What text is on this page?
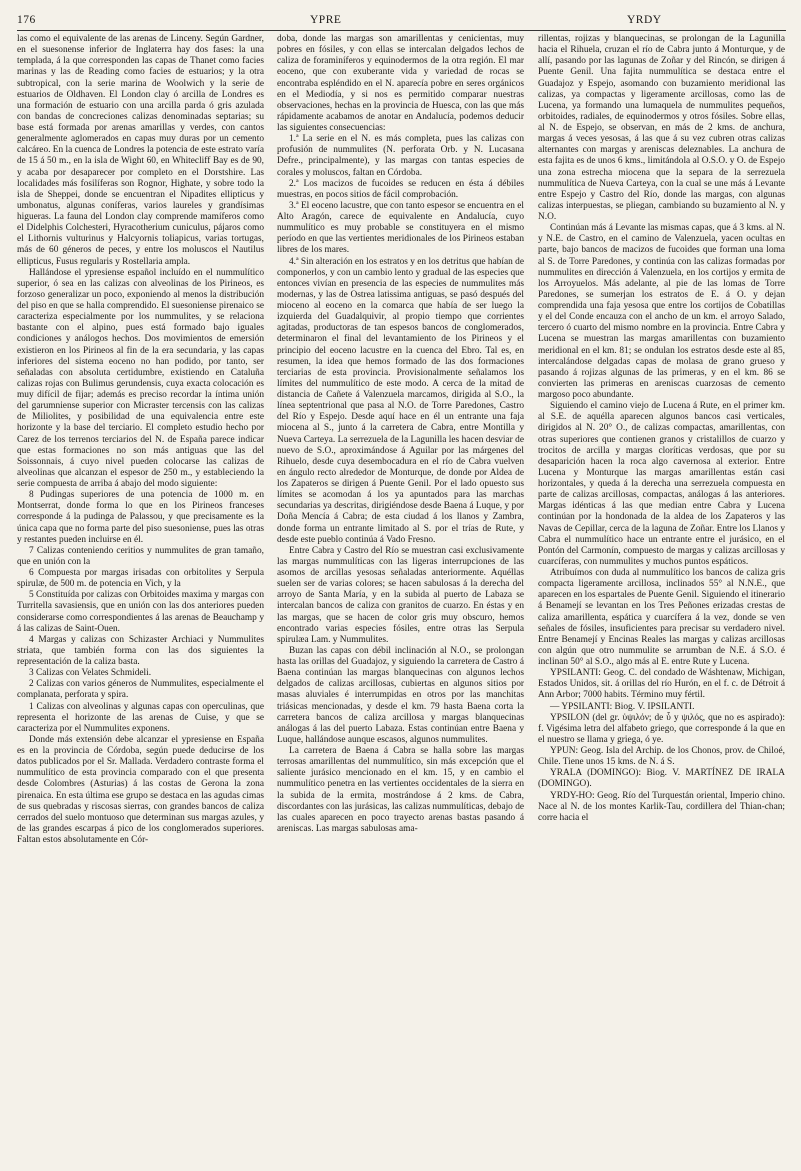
176	YPRE	YRDY

las como el equivalente de las arenas de Linceny. Según Gardner, en el suesonense inferior de Inglaterra hay dos fases: la una templada, á la que corresponden las capas de Thanet como facies marinas y las de Reading como facies de estuarios; y la otra subtropical, con la serie marina de Woolwich y la serie de estuarios de Oldhaven. El London clay ó arcilla de Londres es una formación de estuario con una arcilla parda ó gris azulada con bandas de concreciones calizas denominadas septarias; su base está formada por arenas amarillas y verdes, con cantos generalmente aglomerados en capas muy duras por un cemento calcáreo. En la cuenca de Londres la potencia de este estrato varía de 15 á 50 m., en la isla de Wight 60, en Whitecliff Bay es de 90, y acaba por desaparecer por completo en el Dorstshire. Las localidades más fosilíferas son Rognor, Highate, y sobre todo la isla de Sheppei, donde se encuentran el Nipadites ellipticus y umbonatus, algunas coníferas, varios laureles y grandísimas higueras. La fauna del London clay comprende mamíferos como el Didelphis Colchesteri, Hyracotherium cuniculus, pájaros como el Lithornis vulturinus y Halcyornis toliapicus, varias tortugas, más de 60 géneros de peces, y entre los moluscos el Nautilus ellipticus, Fusus regularis y Rostellaria ampla.

Hallándose el ypresiense español incluído en el nummulítico superior, ó sea en las calizas con alveolinas de los Pirineos, es forzoso generalizar un poco, exponiendo al menos la distribución del piso en que se halla comprendido. El suesoniense pirenaico se caracteriza especialmente por los nummulites, y se relaciona bastante con el alpino, pues está formado bajo iguales condiciones y análogos hechos. Dos movimientos de emersión existieron en los Pirineos al fin de la era secundaria, y las capas inferiores del sistema eoceno no han podido, por tanto, ser señaladas con absoluta certidumbre, existiendo en Cataluña calizas rojas con Bulimus gerundensis, cuya exacta colocación es muy difícil de fijar; además es preciso recordar la íntima unión del garumniense superior con Micraster tercensis con las calizas de Miliolites, y posibilidad de una equivalencia entre este horizonte y la base del terciario. El completo estudio hecho por Carez de los terrenos terciarios del N. de España parece indicar que estas formaciones no son más antiguas que las del Soissonnais, á cuyo nivel pueden colocarse las calizas de alveolinas que alcanzan el espesor de 250 m., y estableciendo la serie compuesta de arriba á abajo del modo siguiente:

8 Pudingas superiores de una potencia de 1000 m. en Montserrat, donde forma lo que en los Pirineos franceses corresponde á la pudinga de Palassou, y que precisamente es la única capa que no forma parte del piso suesoniense, pues las otras y restantes pueden incluirse en él.

7 Calizas conteniendo ceritios y nummulites de gran tamaño, que en unión con la

6 Compuesta por margas irisadas con orbitolites y Serpula spirulæ, de 500 m. de potencia en Vich, y la

5 Constituída por calizas con Orbitoides maxima y margas con Turritella savasiensis, que en unión con las dos anteriores pueden considerarse como correspondientes á las arenas de Beauchamp y á las calizas de Saint-Ouen.

4 Margas y calizas con Schizaster Archiaci y Nummulites striata, que también forma con las dos siguientes la representación de la caliza basta.

3 Calizas con Velates Schmideli.

2 Calizas con varios géneros de Nummulites, especialmente el complanata, perforata y spira.

1 Calizas con alveolinas y algunas capas con operculinas, que representa el horizonte de las arenas de Cuise, y que se caracteriza por el Nummulites exponens.

Donde más extensión debe alcanzar el ypresiense en España es en la provincia de Córdoba, según puede deducirse de los datos publicados por el Sr. Mallada. Verdadero contraste forma el nummulítico de esta provincia comparado con el que presenta desde Colombres (Asturias) á las costas de Gerona la zona pirenaica. En esta última ese grupo se destaca en las agudas cimas de sus quebradas y riscosas sierras, con grandes bancos de caliza cerrados del suelo montuoso que determinan sus margas azules, y de las grandes escarpas á pico de los conglomerados superiores. Faltan estos absolutamente en Cór-

doba, donde las margas son amarillentas y cenicientas, muy pobres en fósiles, y con ellas se intercalan delgados lechos de caliza de foraminíferos y equinodermos de la otra región. El mar eoceno, que con exuberante vida y variedad de rocas se encontraba espléndido en el N. aparecía pobre en seres orgánicos en el Mediodía, y si nos es permitido comparar nuestras observaciones, hechas en la provincia de Huesca, con las que más rápidamente acabamos de anotar en Andalucía, podemos deducir las siguientes consecuencias:

1.ª La serie en el N. es más completa, pues las calizas con profusión de nummulites (N. perforata Orb. y N. Lucasana Defre., principalmente), y las margas con tantas especies de corales y moluscos, faltan en Córdoba.

2.ª Los macizos de fucoides se reducen en ésta á débiles muestras, en pocos sitios de fácil comprobación.

3.ª El eoceno lacustre, que con tanto espesor se encuentra en el Alto Aragón, carece de equivalente en Andalucía, cuyo nummulítico es muy probable se constituyera en el mismo período en que las vertientes meridionales de los Pirineos estaban libres de los mares.

4.ª Sin alteración en los estratos y en los detritus que habían de componerlos, y con un cambio lento y gradual de las especies que entonces vivían en presencia de las especies de nummulites más modernas, y las de Ostrea latissima antiguas, se pasó después del mioceno al eoceno en la comarca que había de ser luego la izquierda del Guadalquivir, al propio tiempo que corrientes agitadas, productoras de tan espesos bancos de conglomerados, determinaron el final del levantamiento de los Pirineos y el principio del eoceno lacustre en la cuenca del Ebro. Tal es, en resumen, la idea que hemos formado de las dos formaciones terciarias de esta provincia. Provisionalmente señalamos los límites del nummulítico de este modo. A cerca de la mitad de distancia de Cañete á Valenzuela marcamos, dirigida al S.O., la línea septentrional que pasa al N.O. de Torre Paredones, Castro del Río y Espejo. Desde aquí hace en él un entrante una faja miocena al S., junto á la carretera de Cabra, entre Montilla y Nueva Carteya. La serrezuela de la Lagunilla les hacen desviar de nuevo de S.O., aproximándose á Aguilar por las márgenes del Rihuelo, desde cuya desembocadura en el río de Cabra vuelven en ángulo recto alrededor de Monturque, de donde por Aldea de los Zapateros se dirigen á Puente Genil. Por el lado opuesto sus límites se acomodan á los ya apuntados para las marchas secundarias ya descritas, dirigiéndose desde Baena á Luque, y por Doña Mencía á Cabra; de esta ciudad á los llanos y Zambra, donde forma un entrante limitado al S. por el trías de Rute, y desde este pueblo continúa á Vado Fresno.

Entre Cabra y Castro del Río se muestran casi exclusivamente las margas nummulíticas con las ligeras interrupciones de las asomos de arcillas yesosas señaladas anteriormente. Aquéllas suelen ser de varias colores; se hacen sabulosas á la derecha del arroyo de Santa María, y en la subida al puerto de Labaza se intercalan bancos de caliza con granitos de cuarzo. En éstas y en las margas, que se hacen de color gris muy obscuro, hemos encontrado varias especies fósiles, entre otras las Serpula spirulæa Lam. y Nummulites.

Buzan las capas con débil inclinación al N.O., se prolongan hasta las orillas del Guadajoz, y siguiendo la carretera de Castro á Baena continúan las margas blanquecinas con algunos lechos delgados de calizas arcillosas, cubiertas en algunos sitios por masas aluviales é interrumpidas en otros por las manchitas triásicas mencionadas, y desde el km. 79 hasta Baena corta la carretera bancos de caliza arcillosa y margas blanquecinas análogas á las del puerto Labaza. Estas continúan entre Baena y Luque, hallándose aunque escasos, algunos nummulites.

La carretera de Baena á Cabra se halla sobre las margas terrosas amarillentas del nummulítico, sin más excepción que el saliente jurásico mencionado en el km. 15, y en cambio el nummulítico penetra en las vertientes occidentales de la sierra en la subida de la ermita, mostrándose á 2 kms. de Cabra, discordantes con las jurásicas, las calizas nummulíticas, debajo de las cuales aparecen en poco trayecto arenas bastas pasando á areniscas. Las margas sabulosas ama-

rillentas, rojizas y blanquecinas, se prolongan de la Lagunilla hacia el Rihuela, cruzan el río de Cabra junto á Monturque, y de allí, pasando por las lagunas de Zoñar y del Rincón, se dirigen á Puente Genil. Una fajita nummulítica se destaca entre el Guadajoz y Espejo, asomando con buzamiento meridional las calizas, ya compactas y ligeramente arcillosas, como las de Lucena, ya formando una lumaquela de nummulites pequeños, orbitoides, radiales, de equinodermos y otros fósiles. Sobre ellas, al N. de Espejo, se observan, en más de 2 kms. de anchura, margas á veces yesosas, á las que á su vez cubren otras calizas alternantes con margas y areniscas deleznables. La anchura de esta fajita es de unos 6 kms., limitándola al O.S.O. y O. de Espejo una zona estrecha miocena que la separa de la serrezuela nummulítica de Nueva Carteya, con la cual se une más á Levante entre Espejo y Castro del Río, donde las margas, con algunas calizas interpuestas, se pliegan, cambiando su buzamiento al N. y N.O.

Continúan más á Levante las mismas capas, que á 3 kms. al N. y N.E. de Castro, en el camino de Valenzuela, yacen ocultas en parte, bajo bancos de macizos de fucoides que forman una loma al S. de Torre Paredones, y continúa con las calizas formadas por nummulites en dirección á Valenzuela, en los cortijos y ermita de los Arroyuelos. Más adelante, al pie de las lomas de Torre Paredones, se sumerjan los estratos de E. á O. y dejan comprendida una faja yesosa que entre los cortijos de Cobatillas y el del Conde encauza con el ancho de un km. el arroyo Salado, tercero ó cuarto del mismo nombre en la provincia. Entre Cabra y Lucena se muestran las margas amarillentas con buzamiento meridional en el km. 81; se ondulan los estratos desde este al 85, intercalándose delgadas capas de molasa de grano grueso y pasando á rojizas algunas de las primeras, y en el km. 86 se convierten las primeras en areniscas cuarzosas de cemento margoso poco abundante.

Siguiendo el camino viejo de Lucena á Rute, en el primer km. al S.E. de aquélla aparecen algunos bancos casi verticales, dirigidos al N. 20° O., de calizas compactas, amarillentas, con otras superiores que contienen granos y cristalillos de cuarzo y trocitos de arcilla y margas cloríticas verdosas, que por su desaparición hacen la roca algo cavernosa al exterior. Entre Lucena y Monturque las margas amarillentas están casi horizontales, y queda á la derecha una serrezuela compuesta en parte de calizas arcillosas, compactas, análogas á las anteriores. Margas idénticas á las que median entre Cabra y Lucena continúan por la hondonada de la aldea de los Zapateros y las Navas de Cepillar, cerca de la laguna de Zoñar. Entre los Llanos y Cabra el nummulítico hace un entrante entre el jurásico, en el Pontón del Carmonín, compuesto de margas y calizas arcillosas y cuarcíferas, con nummulites y muchos puntos espáticos.

Atribuímos con duda al nummulítico los bancos de caliza gris compacta ligeramente arcillosa, inclinados 55° al N.N.E., que aparecen en los espartales de Puente Genil. Siguiendo el itinerario á Benamejí se levantan en los Tres Peñones erizadas crestas de caliza amarillenta, espática y cuarcífera á la vez, donde se ven señales de fósiles, insuficientes para precisar su verdadero nivel. Entre Benamejí y Encinas Reales las margas y calizas arcillosas con algún que otro nummulite se arrumban de N.E. á S.O. é inclinan 50° al S.O., algo más al E. entre Rute y Lucena.

YPSILANTI: Geog. C. del condado de Wáshtenaw, Michigan, Estados Unidos, sit. á orillas del río Hurón, en el f. c. de Détroit á Ann Arbor; 7000 habits. Término muy fértil.

— YPSILANTI: Biog. V. IPSILANTI.

YPSILON (del gr. ὑψιλόν; de ὗ y ψιλός, que no es aspirado): f. Vigésima letra del alfabeto griego, que corresponde á la que en el nuestro se llama y griega, ó ye.

YPUN: Geog. Isla del Archip. de los Chonos, prov. de Chiloé, Chile. Tiene unos 15 kms. de N. á S.

YRALA (DOMINGO): Biog. V. MARTÍNEZ DE IRALA (DOMINGO).

YRDY-HO: Geog. Río del Turquestán oriental, Imperio chino. Nace al N. de los montes Karlik-Tau, cordillera del Thian-chan; corre hacia el
